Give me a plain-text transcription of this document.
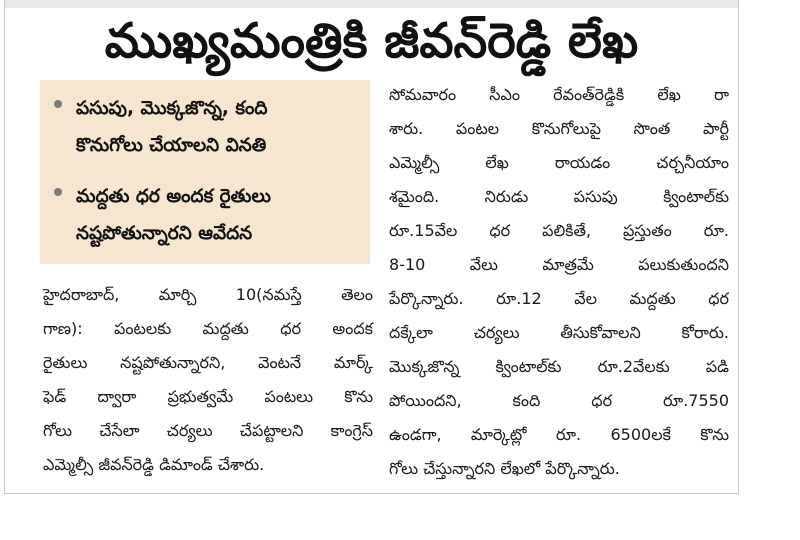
ముఖ్యమంత్రికి జీవన్‌రెడ్డి లేఖ
పసుపు, మొక్కజొన్న, కంది
కొనుగోలు చేయాలని వినతి
మద్దతు ధర అందక రైతులు
నష్టపోతున్నారని ఆవేదన
హైదరాబాద్, మార్చి 10(నమస్తే తెలం
గాణ): పంటలకు మద్దతు ధర అందక
రైతులు నష్టపోతున్నారని, వెంటనే మార్క్
ఫెడ్ ద్వారా ప్రభుత్వమే పంటలు కొను
గోలు చేసేలా చర్యలు చేపట్టాలని కాంగ్రెస్
ఎమ్మెల్సీ జీవన్‌రెడ్డి డిమాండ్ చేశారు.
సోమవారం సీఎం రేవంత్‌రెడ్డికి లేఖ రా
శారు. పంటల కొనుగోలుపై సొంత పార్టీ
ఎమ్మెల్సీ లేఖ రాయడం చర్చనీయాం
శమైంది. నిరుడు పసుపు క్వింటాల్‌కు
రూ.15వేల ధర పలికితే, ప్రస్తుతం రూ.
8-10 వేలు మాత్రమే పలుకుతుందని
పేర్కొన్నారు. రూ.12 వేల మద్దతు ధర
దక్కేలా చర్యలు తీసుకోవాలని కోరారు.
మొక్కజొన్న క్వింటాల్‌కు రూ.2వేలకు పడి
పోయిందని, కంది ధర రూ.7550
ఉండగా, మార్కెట్లో రూ. 6500లకే కొను
గోలు చేస్తున్నారని లేఖలో పేర్కొన్నారు.
